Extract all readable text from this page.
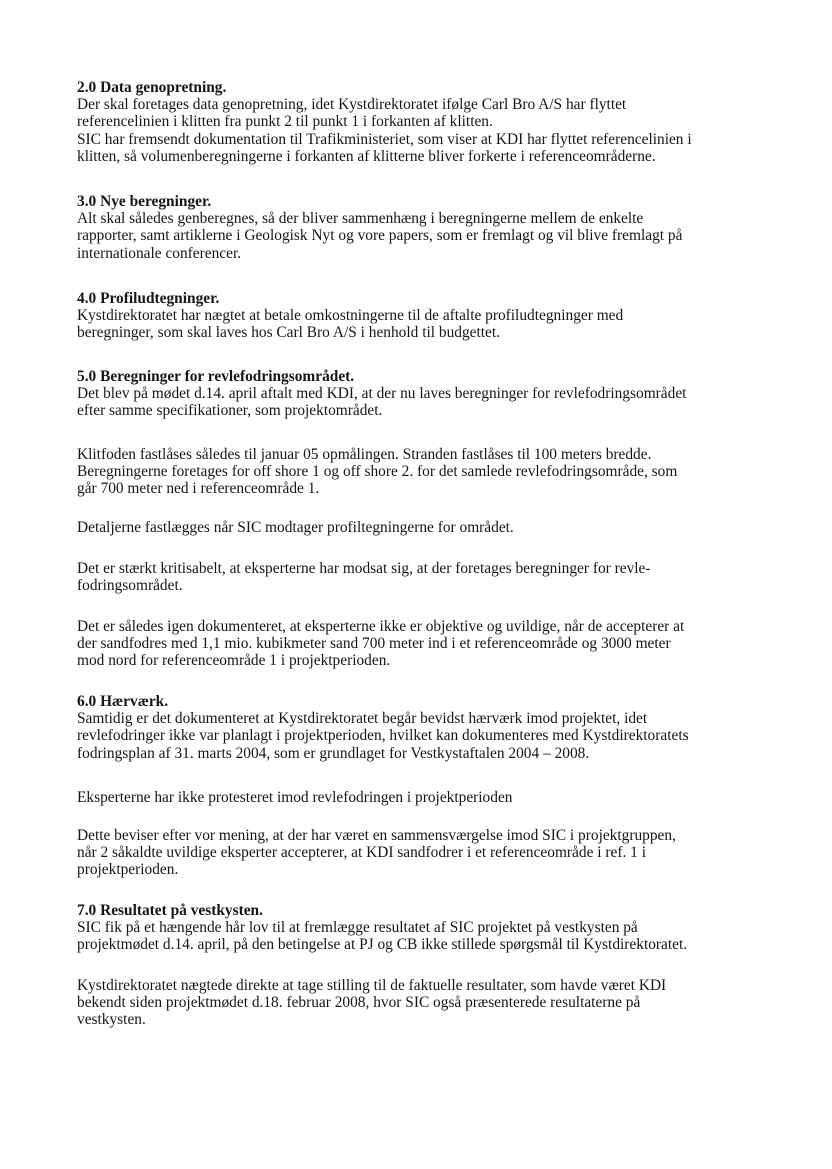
2.0 Data genopretning.
Der skal foretages data genopretning, idet Kystdirektoratet ifølge Carl Bro A/S har flyttet
referencelinien i klitten fra punkt 2 til punkt 1 i forkanten af klitten.
SIC har fremsendt dokumentation til Trafikministeriet, som viser at KDI har flyttet referencelinien i
klitten, så volumenberegningerne i forkanten af klitterne bliver forkerte i referenceområderne.
3.0 Nye beregninger.
Alt skal således genberegnes, så der bliver sammenhæng i beregningerne mellem de enkelte
rapporter, samt artiklerne i Geologisk Nyt og vore papers, som er fremlagt og vil blive fremlagt på
internationale conferencer.
4.0 Profiludtegninger.
Kystdirektoratet har nægtet at betale omkostningerne til de aftalte profiludtegninger med
beregninger, som skal laves hos Carl Bro A/S i henhold til budgettet.
5.0 Beregninger for revlefodringsområdet.
Det blev på mødet d.14. april aftalt med KDI, at der nu laves beregninger for revlefodringsområdet
efter samme specifikationer, som projektområdet.
Klitfoden fastlåses således til januar 05 opmålingen. Stranden fastlåses til 100 meters bredde.
Beregningerne foretages for off shore 1 og off shore 2. for det samlede revlefodringsområde, som
går 700 meter ned i referenceområde 1.
Detaljerne fastlægges når SIC modtager profiltegningerne for området.
Det er stærkt kritisabelt, at eksperterne har modsat sig, at der foretages beregninger for revle-
fodringsområdet.
Det er således igen dokumenteret, at eksperterne ikke er objektive og uvildige, når de accepterer at
der sandfodres med 1,1 mio. kubikmeter sand 700 meter ind i et referenceområde og 3000 meter
mod nord for referenceområde 1 i projektperioden.
6.0 Hærværk.
Samtidig er det dokumenteret at Kystdirektoratet begår bevidst hærværk imod projektet, idet
revlefodringer ikke var planlagt i projektperioden, hvilket kan dokumenteres med Kystdirektoratets
fodringsplan af 31. marts 2004, som er grundlaget for Vestkystaftalen 2004 – 2008.
Eksperterne har ikke protesteret imod revlefodringen i projektperioden
Dette beviser efter vor mening, at der har været en sammensværgelse imod SIC i projektgruppen,
når 2 såkaldte uvildige eksperter accepterer, at KDI sandfodrer i et referenceområde i ref. 1 i
projektperioden.
7.0 Resultatet på vestkysten.
SIC fik på et hængende hår lov til at fremlægge resultatet af SIC projektet på vestkysten på
projektmødet d.14. april, på den betingelse at PJ og CB ikke stillede spørgsmål til Kystdirektoratet.
Kystdirektoratet nægtede direkte at tage stilling til de faktuelle resultater, som havde været KDI
bekendt siden projektmødet d.18. februar 2008, hvor SIC også præsenterede resultaterne på
vestkysten.
